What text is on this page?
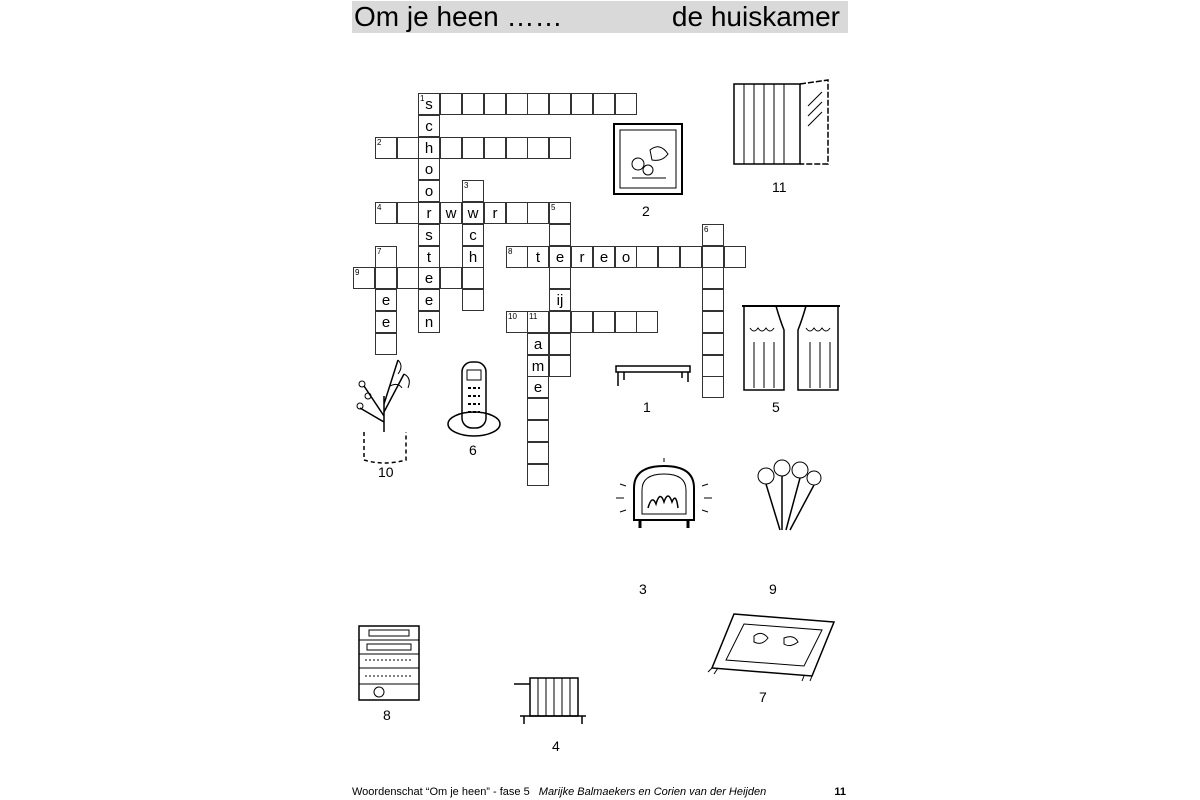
Om je heen ……	de huiskamer
1 s
c
h
o
o
r
s
t
e
e
n
2
3
w
c
h
4	w	r	5
e
ij
6
7
e
e
8	t	r	e o
9
10 11
a
m
e
1
2
3
4
5
6
7
8
9
10
11
Woordenschat “Om je heen” - fase 5 Marijke Balmaekers en Corien van der Heijden	11
